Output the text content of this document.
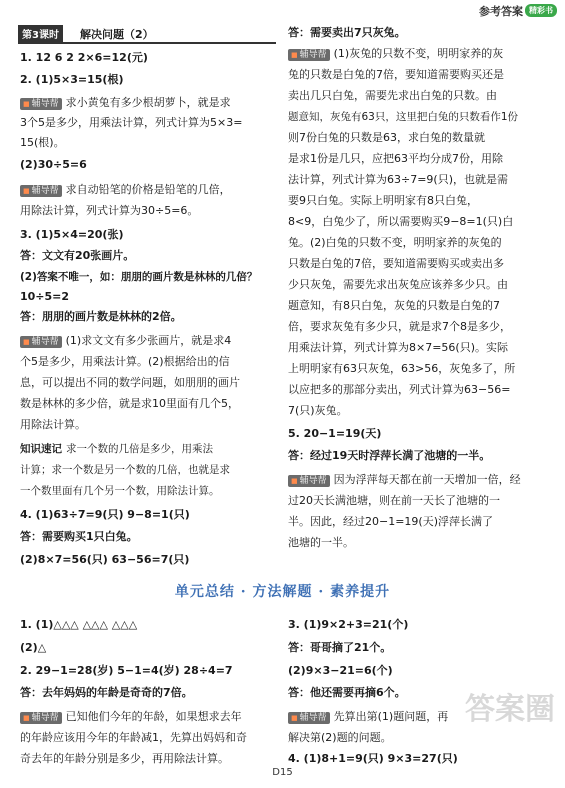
第3课时	解决问题（2）
参考答案 精彩书
1. 12 6 2 2×6=12(元)
2. (1)5×3=15(根)
■ 辅导帮 求小黄兔有多少根胡萝卜，就是求
3个5是多少，用乘法计算，列式计算为5×3=
15(根)。
(2)30÷5=6
■ 辅导帮 求自动铅笔的价格是铅笔的几倍，
用除法计算，列式计算为30÷5=6。
3. (1)5×4=20(张)
答：文文有20张画片。
(2)答案不唯一，如：朋朋的画片数是林林的几倍？
10÷5=2
答：朋朋的画片数是林林的2倍。
■ 辅导帮 (1)求文文有多少张画片，就是求4
个5是多少，用乘法计算。(2)根据给出的信
息，可以提出不同的数学问题，如朋朋的画片
数是林林的多少倍，就是求10里面有几个5，
用除法计算。
知识速记 求一个数的几倍是多少，用乘法
计算；求一个数是另一个数的几倍，也就是求
一个数里面有几个另一个数，用除法计算。
4. (1)63÷7=9(只) 9−8=1(只)
答：需要购买1只白兔。
(2)8×7=56(只) 63−56=7(只)
答：需要卖出7只灰兔。
■ 辅导帮 (1)灰兔的只数不变，明明家养的灰
兔的只数是白兔的7倍，要知道需要购买还是
卖出几只白兔，需要先求出白兔的只数。由
题意知，灰兔有63只，这里把白兔的只数看作1份
则7份白兔的只数是63，求白兔的数量就
是求1份是几只，应把63平均分成7份，用除
法计算，列式计算为63÷7=9(只)，也就是需
要9只白兔。实际上明明家有8只白兔，
8<9，白兔少了，所以需要购买9−8=1(只)白
兔。(2)白兔的只数不变，明明家养的灰兔的
只数是白兔的7倍，要知道需要购买或卖出多
少只灰兔，需要先求出灰兔应该养多少只。由
题意知，有8只白兔，灰兔的只数是白兔的7
倍，要求灰兔有多少只，就是求7个8是多少，
用乘法计算，列式计算为8×7=56(只)。实际
上明明家有63只灰兔，63>56，灰兔多了，所
以应把多的那部分卖出，列式计算为63−56=
7(只)灰兔。
5. 20−1=19(天)
答：经过19天时浮萍长满了池塘的一半。
■ 辅导帮 因为浮萍每天都在前一天增加一倍，经
过20天长满池塘，则在前一天长了池塘的一
半。因此，经过20−1=19(天)浮萍长满了
池塘的一半。
单元总结 · 方法解题 · 素养提升
1. (1)△△△ △△△ △△△
(2)△
2. 29−1=28(岁) 5−1=4(岁) 28÷4=7
答：去年妈妈的年龄是奇奇的7倍。
■ 辅导帮 已知他们今年的年龄，如果想求去年
的年龄应该用今年的年龄减1，先算出妈妈和奇
奇去年的年龄分别是多少，再用除法计算。
3. (1)9×2+3=21(个)
答：哥哥摘了21个。
(2)9×3−21=6(个)
答：他还需要再摘6个。
■ 辅导帮 先算出第(1)题问题，再
解决第(2)题的问题。
4. (1)8+1=9(只) 9×3=27(只)
答案圈
D15
